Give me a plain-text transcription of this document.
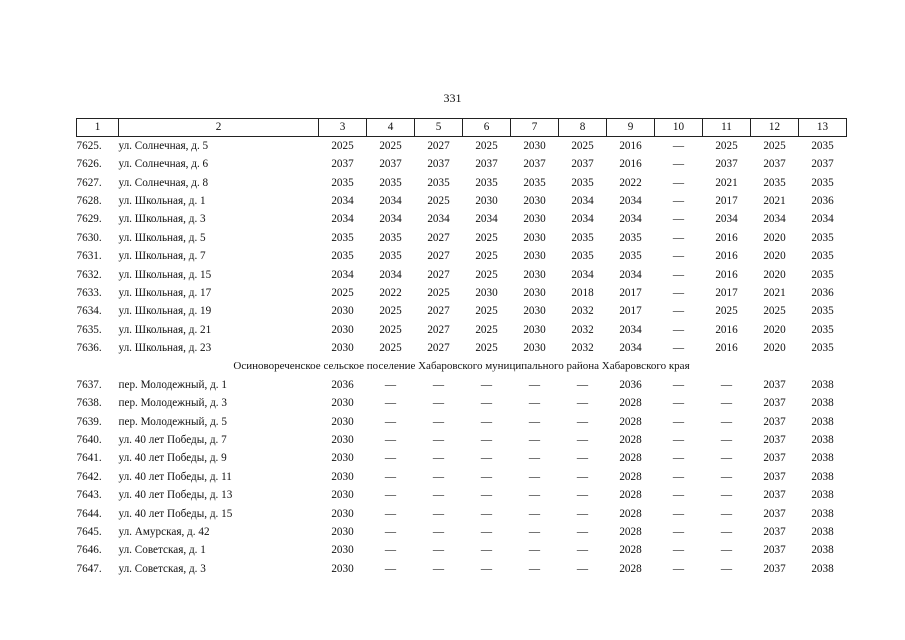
331
1	2	3	4	5	6	7	8	9	10	11	12	13
7625.	ул. Солнечная, д. 5	2025	2025	2027	2025	2030	2025	2016	—	2025	2025	2035
7626.	ул. Солнечная, д. 6	2037	2037	2037	2037	2037	2037	2016	—	2037	2037	2037
7627.	ул. Солнечная, д. 8	2035	2035	2035	2035	2035	2035	2022	—	2021	2035	2035
7628.	ул. Школьная, д. 1	2034	2034	2025	2030	2030	2034	2034	—	2017	2021	2036
7629.	ул. Школьная, д. 3	2034	2034	2034	2034	2030	2034	2034	—	2034	2034	2034
7630.	ул. Школьная, д. 5	2035	2035	2027	2025	2030	2035	2035	—	2016	2020	2035
7631.	ул. Школьная, д. 7	2035	2035	2027	2025	2030	2035	2035	—	2016	2020	2035
7632.	ул. Школьная, д. 15	2034	2034	2027	2025	2030	2034	2034	—	2016	2020	2035
7633.	ул. Школьная, д. 17	2025	2022	2025	2030	2030	2018	2017	—	2017	2021	2036
7634.	ул. Школьная, д. 19	2030	2025	2027	2025	2030	2032	2017	—	2025	2025	2035
7635.	ул. Школьная, д. 21	2030	2025	2027	2025	2030	2032	2034	—	2016	2020	2035
7636.	ул. Школьная, д. 23	2030	2025	2027	2025	2030	2032	2034	—	2016	2020	2035
Осиновореченское сельское поселение Хабаровского муниципального района Хабаровского края												
7637.	пер. Молодежный, д. 1	2036	—	—	—	—	—	2036	—	—	2037	2038
7638.	пер. Молодежный, д. 3	2030	—	—	—	—	—	2028	—	—	2037	2038
7639.	пер. Молодежный, д. 5	2030	—	—	—	—	—	2028	—	—	2037	2038
7640.	ул. 40 лет Победы, д. 7	2030	—	—	—	—	—	2028	—	—	2037	2038
7641.	ул. 40 лет Победы, д. 9	2030	—	—	—	—	—	2028	—	—	2037	2038
7642.	ул. 40 лет Победы, д. 11	2030	—	—	—	—	—	2028	—	—	2037	2038
7643.	ул. 40 лет Победы, д. 13	2030	—	—	—	—	—	2028	—	—	2037	2038
7644.	ул. 40 лет Победы, д. 15	2030	—	—	—	—	—	2028	—	—	2037	2038
7645.	ул. Амурская, д. 42	2030	—	—	—	—	—	2028	—	—	2037	2038
7646.	ул. Советская, д. 1	2030	—	—	—	—	—	2028	—	—	2037	2038
7647.	ул. Советская, д. 3	2030	—	—	—	—	—	2028	—	—	2037	2038
